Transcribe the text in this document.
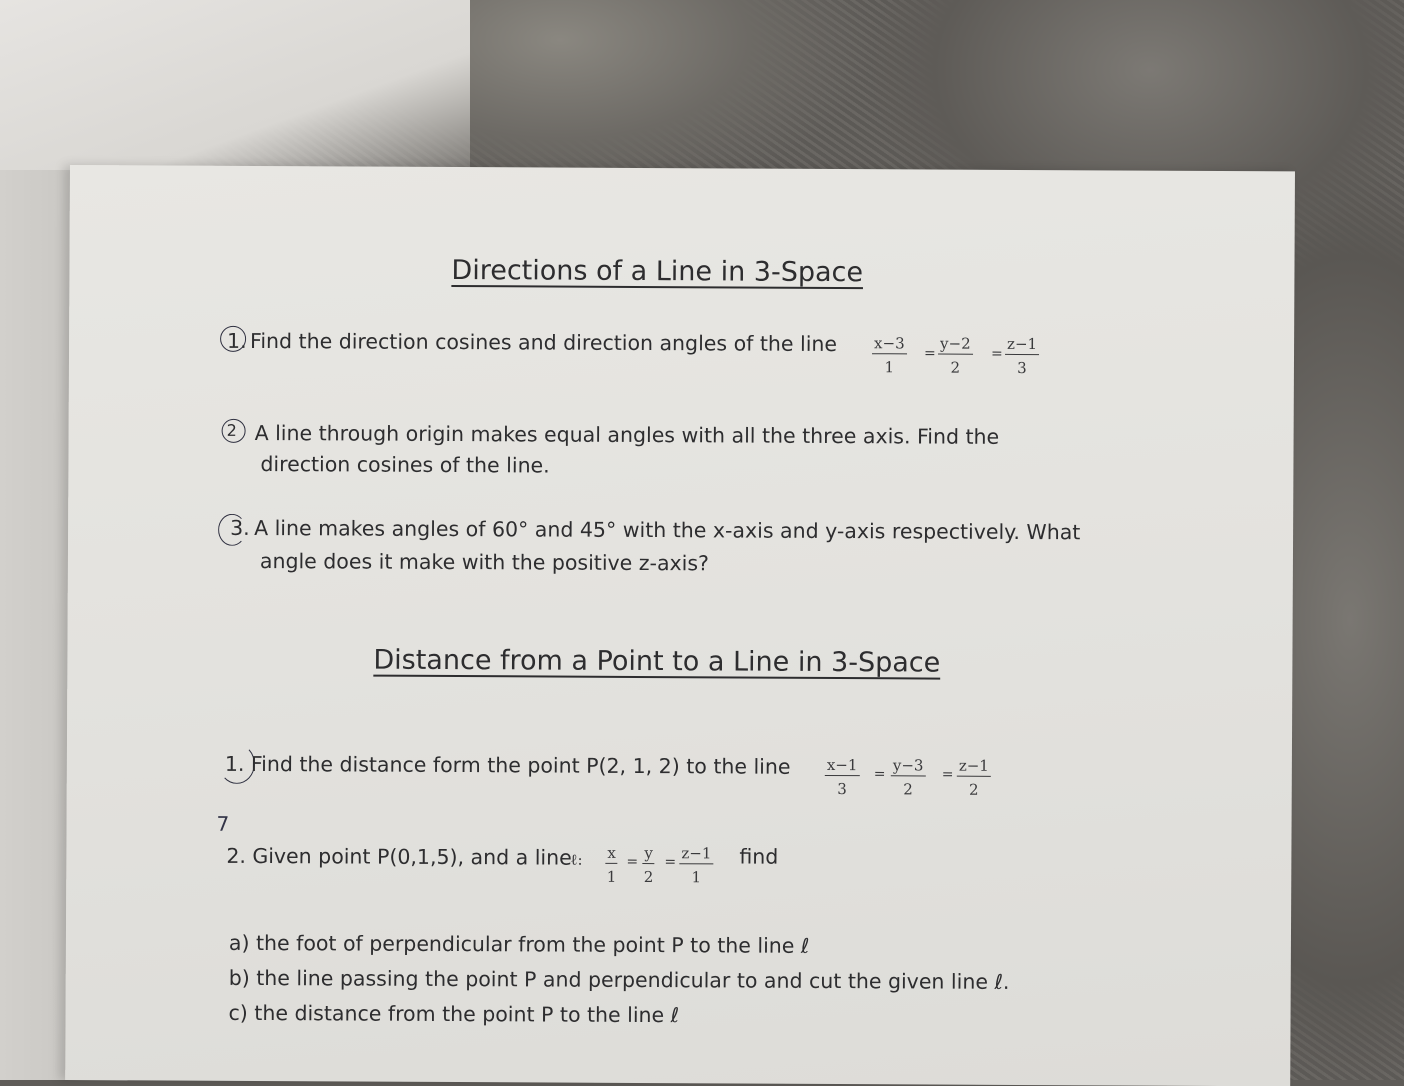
Directions of a Line in 3-Space
1. Find the direction cosines and direction angles of the line $\frac{x-3}{1} = \frac{y-2}{2} = \frac{z-1}{3}$
2 A line through origin makes equal angles with all the three axis. Find the
direction cosines of the line.
3. A line makes angles of 60° and 45° with the x-axis and y-axis respectively. What
angle does it make with the positive z-axis?
Distance from a Point to a Line in 3-Space
1. Find the distance form the point P(2, 1, 2) to the line $\frac{x-1}{3} = \frac{y-3}{2} = \frac{z-1}{2}$
7
2. Given point P(0,1,5), and a line
ℓ: $\frac{x}{1} = \frac{y}{2} = \frac{z-1}{1}$ find
a) the foot of perpendicular from the point P to the line ℓ
b) the line passing the point P and perpendicular to and cut the given line ℓ.
c) the distance from the point P to the line ℓ
